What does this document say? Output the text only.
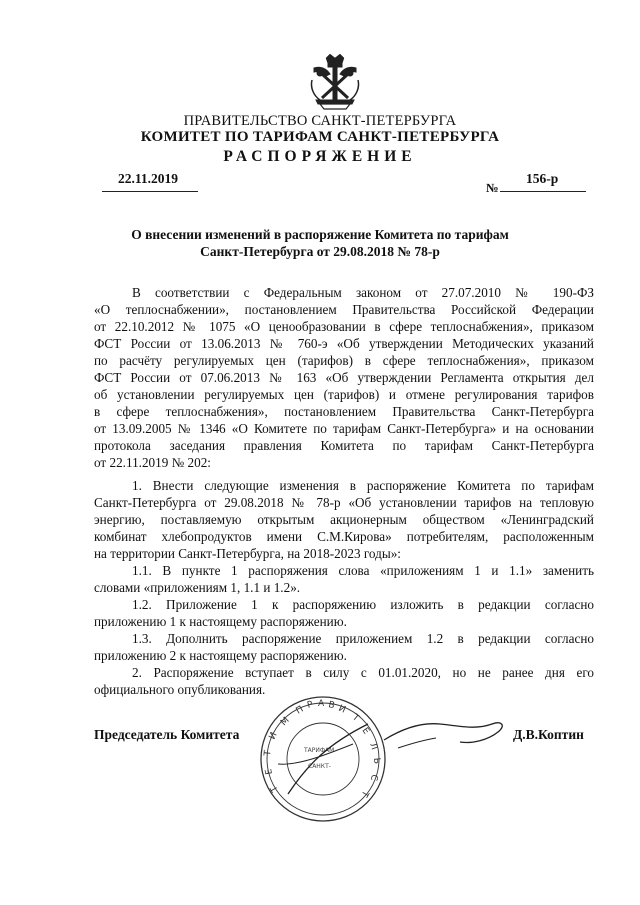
ПРАВИТЕЛЬСТВО САНКТ-ПЕТЕРБУРГА
КОМИТЕТ ПО ТАРИФАМ САНКТ-ПЕТЕРБУРГА
РАСПОРЯЖЕНИЕ
22.11.2019
№
156-р
О внесении изменений в распоряжение Комитета по тарифам
Санкт-Петербурга от 29.08.2018 № 78-р
В соответствии с Федеральным законом от 27.07.2010 № 190-ФЗ
«О теплоснабжении», постановлением Правительства Российской Федерации
от 22.10.2012 № 1075 «О ценообразовании в сфере теплоснабжения», приказом
ФСТ России от 13.06.2013 № 760-э «Об утверждении Методических указаний
по расчёту регулируемых цен (тарифов) в сфере теплоснабжения», приказом
ФСТ России от 07.06.2013 № 163 «Об утверждении Регламента открытия дел
об установлении регулируемых цен (тарифов) и отмене регулирования тарифов
в сфере теплоснабжения», постановлением Правительства Санкт-Петербурга
от 13.09.2005 № 1346 «О Комитете по тарифам Санкт-Петербурга» и на основании
протокола заседания правления Комитета по тарифам Санкт-Петербурга
от 22.11.2019 № 202:
1. Внести следующие изменения в распоряжение Комитета по тарифам
Санкт-Петербурга от 29.08.2018 № 78-р «Об установлении тарифов на тепловую
энергию, поставляемую открытым акционерным обществом «Ленинградский
комбинат хлебопродуктов имени С.М.Кирова» потребителям, расположенным
на территории Санкт-Петербурга, на 2018-2023 годы»:
1.1. В пункте 1 распоряжения слова «приложениям 1 и 1.1» заменить
словами «приложениям 1, 1.1 и 1.2».
1.2. Приложение 1 к распоряжению изложить в редакции согласно
приложению 1 к настоящему распоряжению.
1.3. Дополнить распоряжение приложением 1.2 в редакции согласно
приложению 2 к настоящему распоряжению.
2. Распоряжение вступает в силу с 01.01.2020, но не ранее дня его
официального опубликования.
П Р А В И
Т
Е
Л
Ь
С
Т
Т
Е
Т
И
М
ТАРИФАМ
САНКТ-
Председатель Комитета	Д.В.Коптин
